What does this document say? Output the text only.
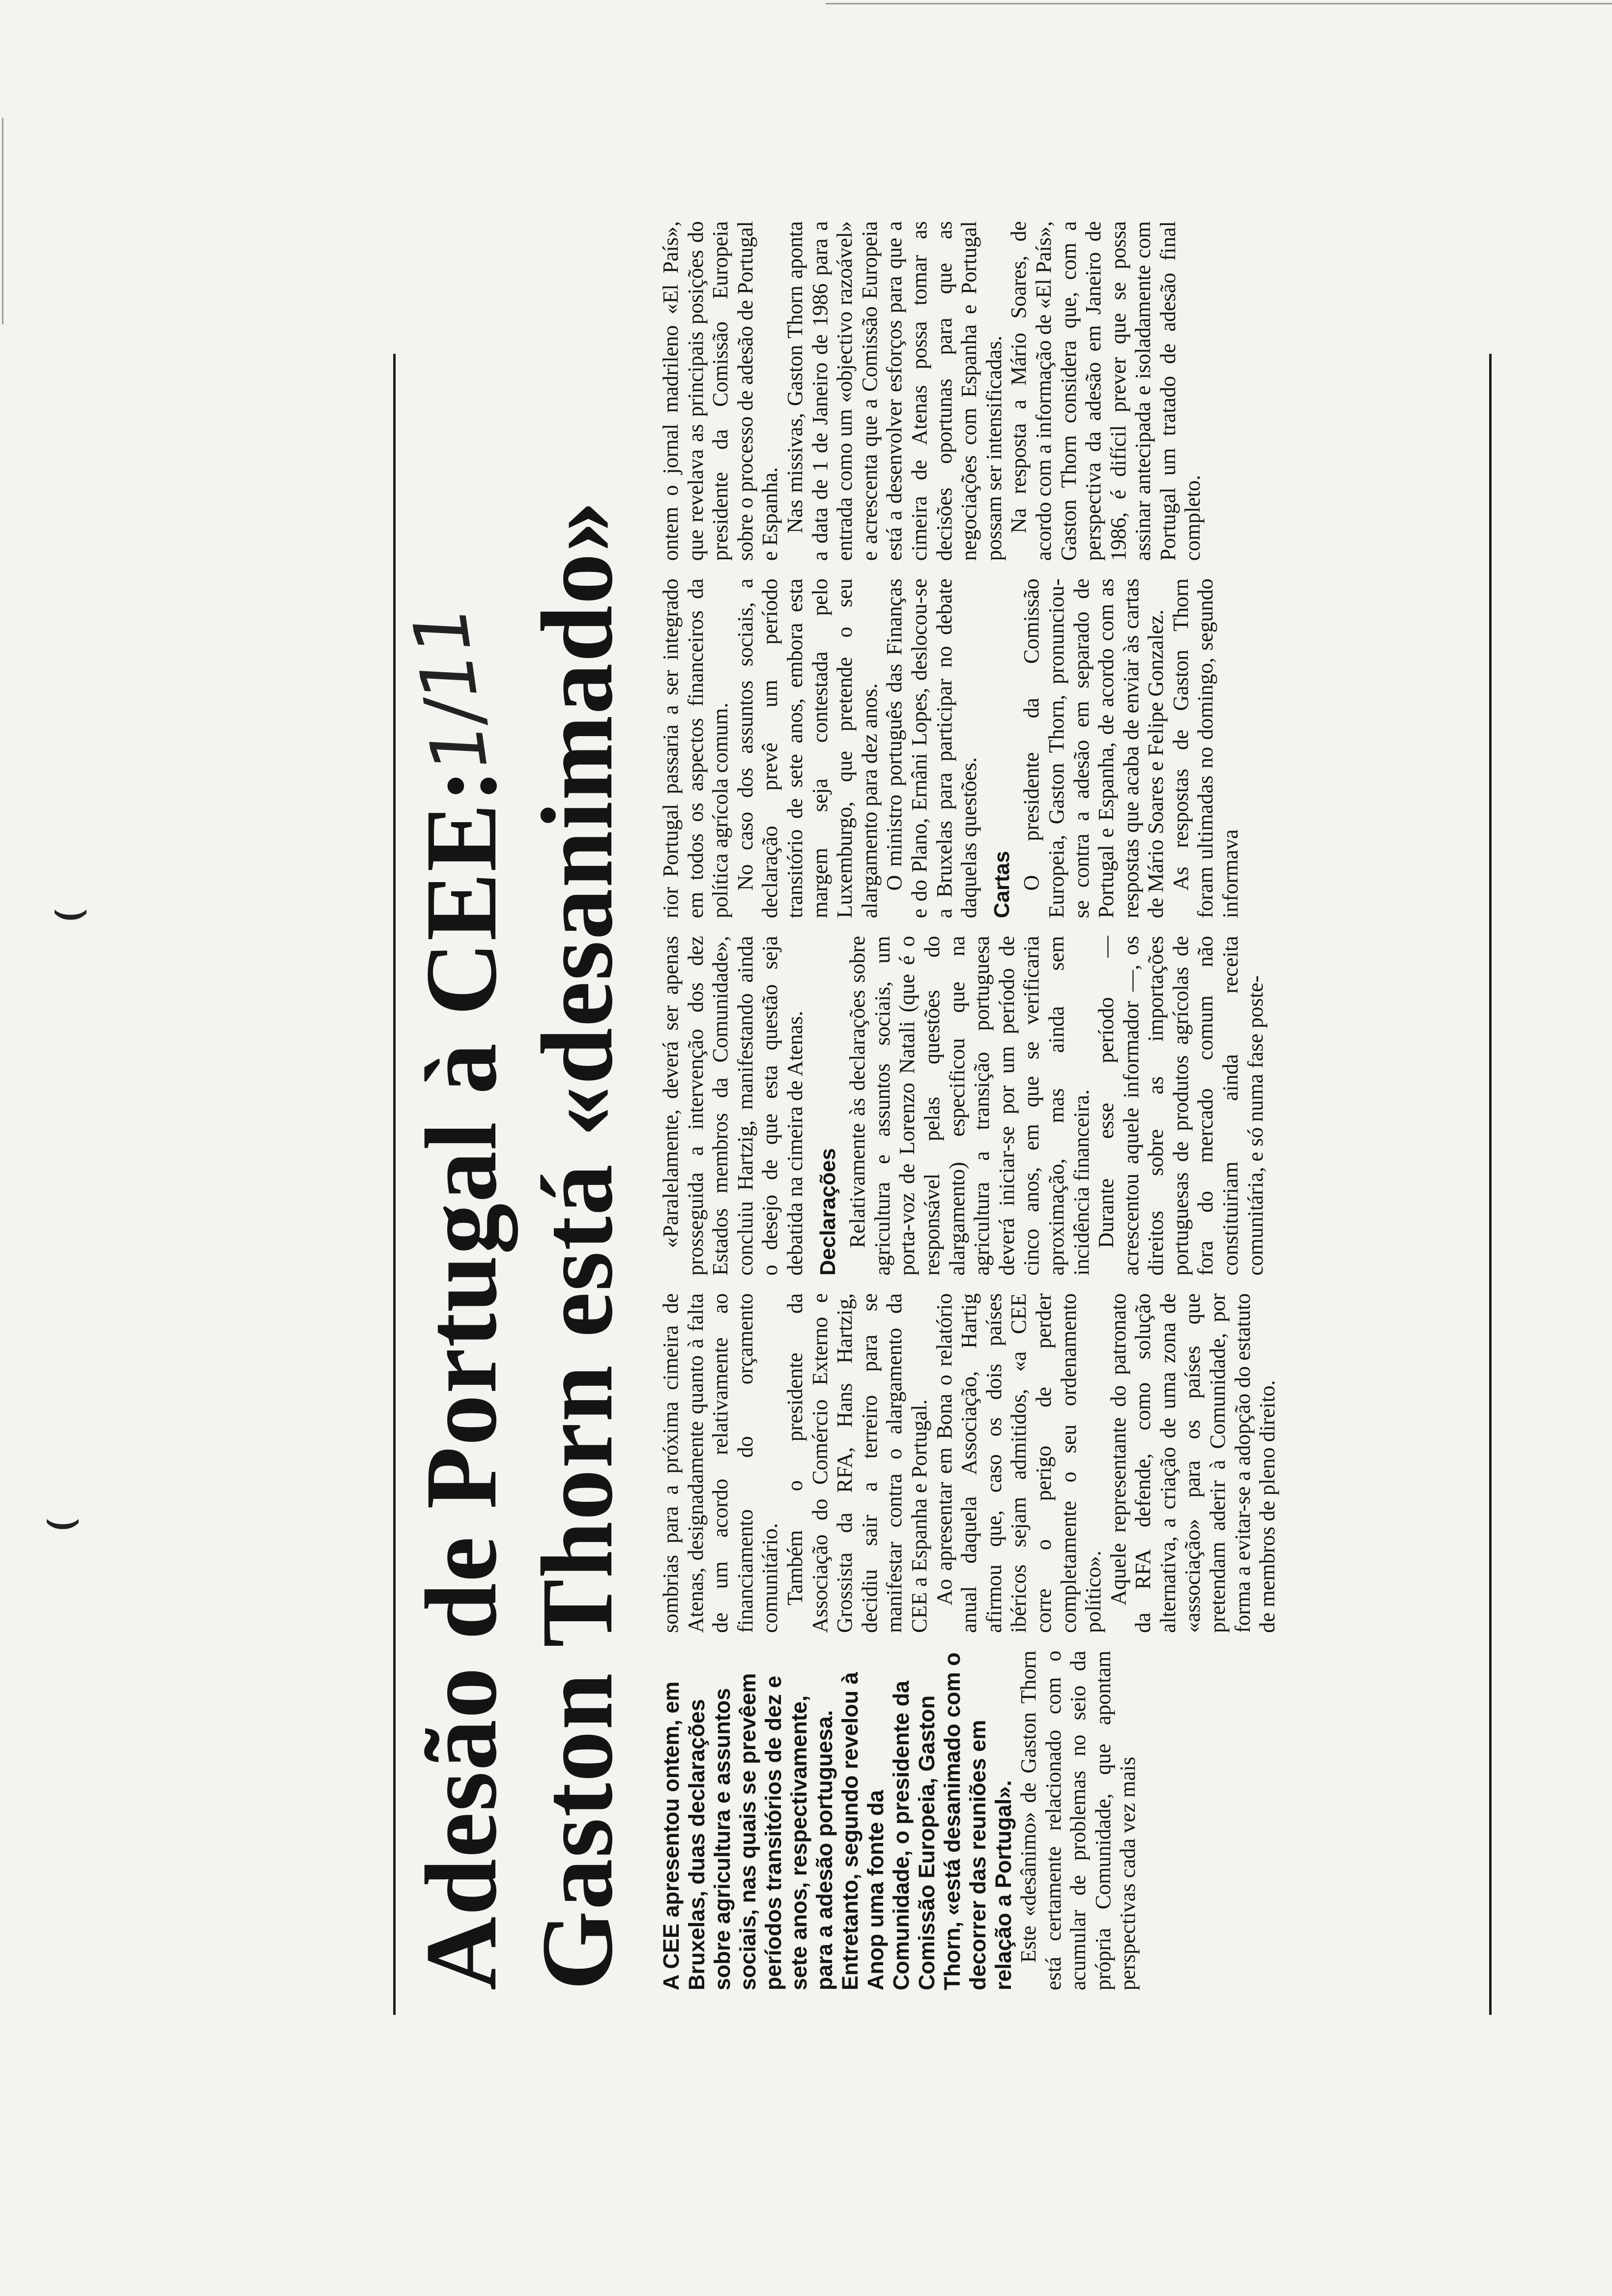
⌣
⌣	Adesão de Portugal à CEE: Gaston Thorn está «desanimado»
1/11

A CEE apresentou ontem, em Bruxelas, duas declarações sobre agricultura e assuntos sociais, nas quais se prevêem períodos transitórios de dez e sete anos, respectivamente, para a adesão portuguesa. Entretanto, segundo revelou à Anop uma fonte da Comunidade, o presidente da Comissão Europeia, Gaston Thorn, «está desanimado com o decorrer das reuniões em relação a Portugal». Este «desânimo» de Gaston Thorn está certamente relacionado com o acumular de problemas no seio da própria Comunidade, que apontam perspectivas cada vez mais

sombrias para a próxima cimeira de Atenas, designadamente quanto à falta de um acordo relativamente ao financiamento do orçamento comunitário. Também o presidente da Associação do Comércio Externo e Grossista da RFA, Hans Hartzig, decidiu sair a terreiro para se manifestar contra o alargamento da CEE a Espanha e Portugal. Ao apresentar em Bona o relatório anual daquela Associação, Hartig afirmou que, caso os dois países ibéricos sejam admitidos, «a CEE corre o perigo de perder completamente o seu ordenamento político». Aquele representante do patronato da RFA defende, como solução alternativa, a criação de uma zona de «associação» para os países que pretendam aderir à Comunidade, por forma a evitar-se a adopção do estatuto de membros de pleno direito.

«Paralelamente, deverá ser apenas prosseguida a intervenção dos dez Estados membros da Comunidade», concluiu Hartzig, manifestando ainda o desejo de que esta questão seja debatida na cimeira de Atenas. Declarações Relativamente às declarações sobre agricultura e assuntos sociais, um porta-voz de Lorenzo Natali (que é o responsável pelas questões do alargamento) especificou que na agricultura a transição portuguesa deverá iniciar-se por um período de cinco anos, em que se verificaria aproximação, mas ainda sem incidência financeira. Durante esse período — acrescentou aquele informador —, os direitos sobre as importações portuguesas de produtos agrícolas de fora do mercado comum não constituiriam ainda receita comunitária, e só numa fase poste-

rior Portugal passaria a ser integrado em todos os aspectos financeiros da política agrícola comum. No caso dos assuntos sociais, a declaração prevê um período transitório de sete anos, embora esta margem seja contestada pelo Luxemburgo, que pretende o seu alargamento para dez anos. O ministro português das Finanças e do Plano, Ernâni Lopes, deslocou-se a Bruxelas para participar no debate daquelas questões. Cartas O presidente da Comissão Europeia, Gaston Thorn, pronunciou-se contra a adesão em separado de Portugal e Espanha, de acordo com as respostas que acaba de enviar às cartas de Mário Soares e Felipe Gonzalez. As respostas de Gaston Thorn foram ultimadas no domingo, segundo informava

ontem o jornal madrileno «El País», que revelava as principais posições do presidente da Comissão Europeia sobre o processo de adesão de Portugal e Espanha. Nas missivas, Gaston Thorn aponta a data de 1 de Janeiro de 1986 para a entrada como um «objectivo razoável» e acrescenta que a Comissão Europeia está a desenvolver esforços para que a cimeira de Atenas possa tomar as decisões oportunas para que as negociações com Espanha e Portugal possam ser intensificadas. Na resposta a Mário Soares, de acordo com a informação de «El País», Gaston Thorn considera que, com a perspectiva da adesão em Janeiro de 1986, é difícil prever que se possa assinar antecipada e isoladamente com Portugal um tratado de adesão final completo.
